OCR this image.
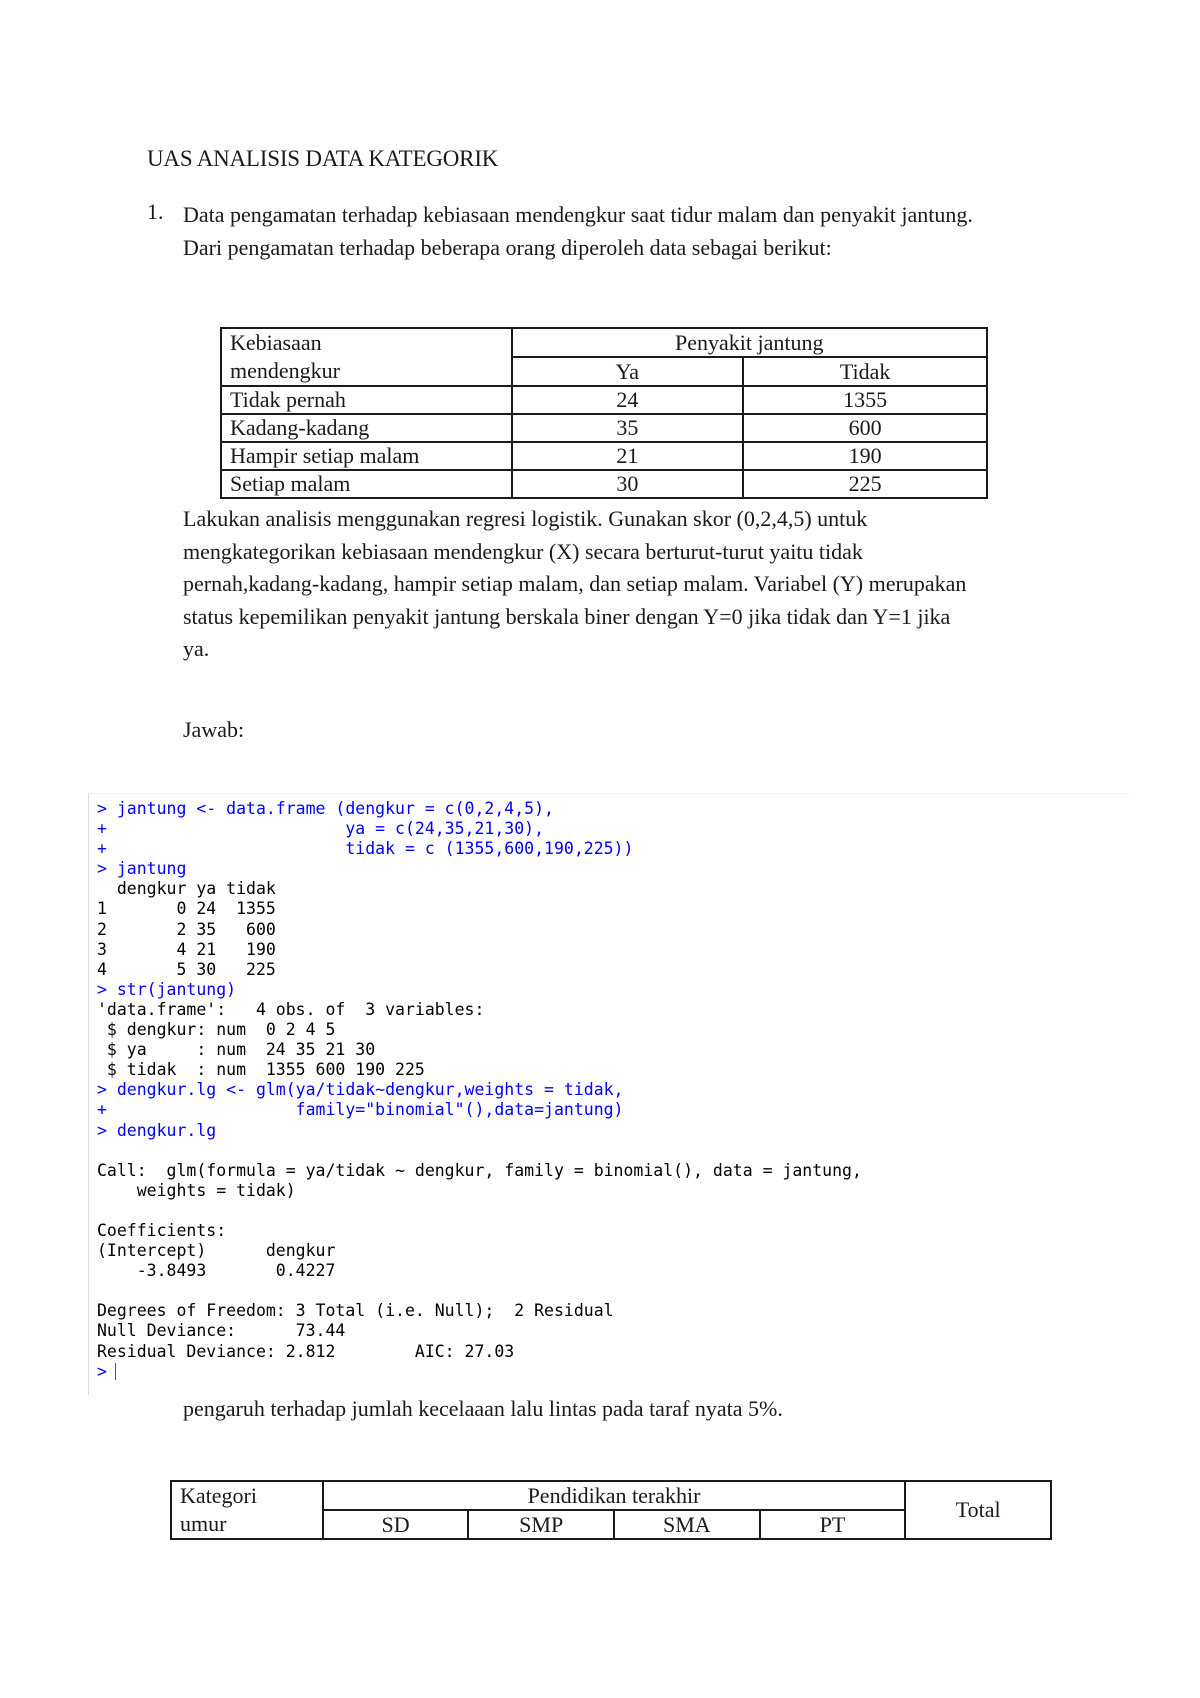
UAS ANALISIS DATA KATEGORIK
1. Data pengamatan terhadap kebiasaan mendengkur saat tidur malam dan penyakit jantung.
Dari pengamatan terhadap beberapa orang diperoleh data sebagai berikut:
Kebiasaan
mendengkur	Penyakit jantung	
	Ya	Tidak
Tidak pernah	24	1355
Kadang-kadang	35	600
Hampir setiap malam	21	190
Setiap malam	30	225
Lakukan analisis menggunakan regresi logistik. Gunakan skor (0,2,4,5) untuk
mengkategorikan kebiasaan mendengkur (X) secara berturut-turut yaitu tidak
pernah,kadang-kadang, hampir setiap malam, dan setiap malam. Variabel (Y) merupakan
status kepemilikan penyakit jantung berskala biner dengan Y=0 jika tidak dan Y=1 jika
ya.
Jawab:
> jantung <- data.frame (dengkur = c(0,2,4,5),
+                        ya = c(24,35,21,30),
+                        tidak = c (1355,600,190,225))
> jantung
dengkur ya tidak
1       0 24  1355
2       2 35   600
3       4 21   190
4       5 30   225
> str(jantung)
'data.frame':   4 obs. of  3 variables:
$ dengkur: num  0 2 4 5
$ ya     : num  24 35 21 30
$ tidak  : num  1355 600 190 225
> dengkur.lg <- glm(ya/tidak~dengkur,weights = tidak,
+                   family="binomial"(),data=jantung)
> dengkur.lg
Call:  glm(formula = ya/tidak ~ dengkur, family = binomial(), data = jantung,
weights = tidak)
Coefficients:
(Intercept)      dengkur
-3.8493       0.4227
Degrees of Freedom: 3 Total (i.e. Null);  2 Residual
Null Deviance:      73.44
Residual Deviance: 2.812        AIC: 27.03
>
pengaruh terhadap jumlah kecelaaan lalu lintas pada taraf nyata 5%.
Kategori
umur	Pendidikan terakhir				Total
	SD	SMP	SMA	PT	
